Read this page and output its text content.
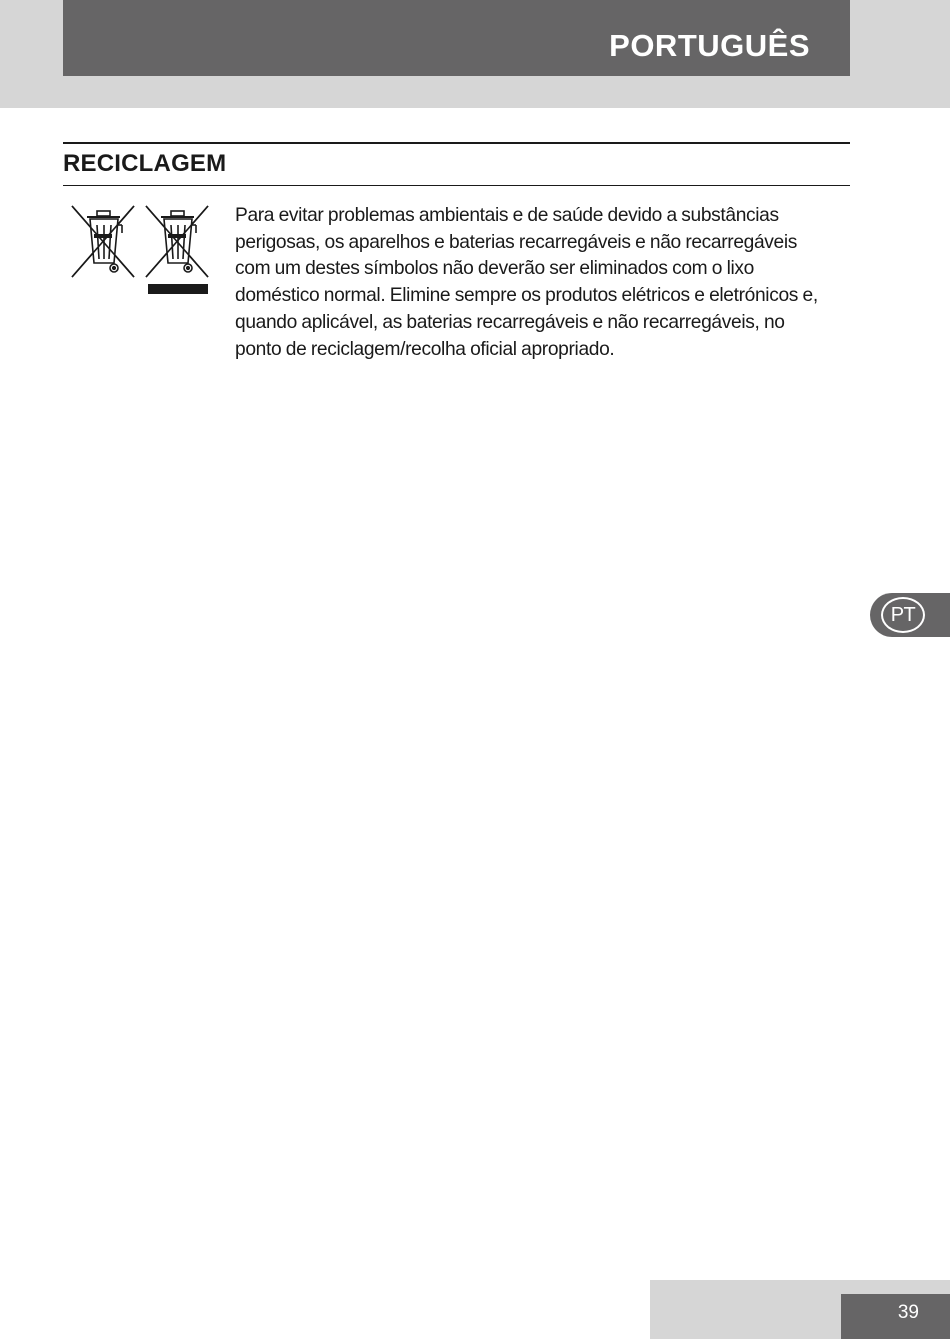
PORTUGUÊS
RECICLAGEM
Para evitar problemas ambientais e de saúde devido a substâncias perigosas, os aparelhos e baterias recarregáveis e não recarregáveis com um destes símbolos não deverão ser eliminados com o lixo doméstico normal. Elimine sempre os produtos elétricos e eletrónicos e, quando aplicável, as baterias recarregáveis e não recarregáveis, no ponto de reciclagem/recolha oficial apropriado.
PT
39
